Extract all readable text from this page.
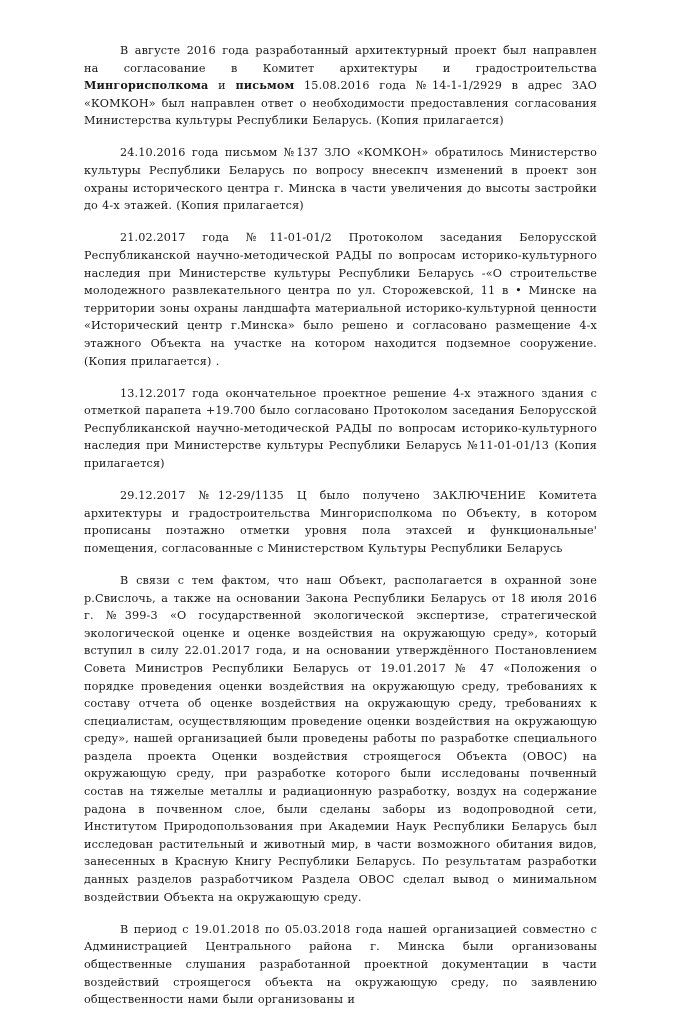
В августе 2016 года разработанный архитектурный проект был направлен на согласование в Комитет архитектуры и градостроительства Мингорисполкома и письмом 15.08.2016 года №14-1-1/2929 в адрес ЗАО «КОМКОН» был направлен ответ о необходимости предоставления согласования Министерства культуры Республики Беларусь. (Копия прилагается)

24.10.2016 года письмом №137 ЗЛО «КОМКОН» обратилось Министерство культуры Республики Беларусь по вопросу внесекпч изменений в проект зон охраны исторического центра г. Минска в части увеличения до высоты застройки до 4-х этажей. (Копия прилагается)

21.02.2017 года №11-01-01/2 Протоколом заседания Белорусской Республиканской научно-методической РАДЫ по вопросам историко-культурного наследия при Министерстве культуры Республики Беларусь -«О строительстве молодежного развлекательного центра по ул. Сторожевской, 11 в • Минске на территории зоны охраны ландшафта материальной историко-культурной ценности «Исторический центр г.Минска» было решено и согласовано размещение 4-х этажного Объекта на участке на котором находится подземное сооружение. (Копия прилагается) .

13.12.2017 года окончательное проектное решение 4-х этажного здания с отметкой парапета +19.700 было согласовано Протоколом заседания Белорусской Республиканской научно-методической РАДЫ по вопросам историко-культурного наследия при Министерстве культуры Республики Беларусь №11-01-01/13 (Копия прилагается)

29.12.2017 №12-29/1135 Ц было получено ЗАКЛЮЧЕНИЕ Комитета архитектуры и градостроительства Мингорисполкома по Объекту, в котором прописаны поэтажно отметки уровня пола этахсей и функциональные' помещения, согласованные с Министерством Культуры Республики Беларусь

В связи с тем фактом, что наш Объект, располагается в охранной зоне р.Свислочь, а также на основании Закона Республики Беларусь от 18 июля 2016 г. №399-3 «О государственной экологической экспертизе, стратегической экологической оценке и оценке воздействия на окружающую среду», который вступил в силу 22.01.2017 года, и на основании утверждённого Постановлением Совета Министров Республики Беларусь от 19.01.2017 № 47 «Положения о порядке проведения оценки воздействия на окружающую среду, требованиях к составу отчета об оценке воздействия на окружающую среду, требованиях к специалистам, осуществляющим проведение оценки воздействия на окружающую среду», нашей организацией были проведены работы по разработке специального раздела проекта Оценки воздействия строящегося Объекта (ОВОС) на окружающую среду, при разработке которого были исследованы почвенный состав на тяжелые металлы и радиационную разработку, воздух на содержание радона в почвенном слое, были сделаны заборы из водопроводной сети, Институтом Природопользования при Академии Наук Республики Беларусь был исследован растительный и животный мир, в части возможного обитания видов, занесенных в Красную Книгу Республики Беларусь. По результатам разработки данных разделов разработчиком Раздела ОВОС сделал вывод о минимальном воздействии Объекта на окружающую среду.

В период с 19.01.2018 по 05.03.2018 года нашей организацией совместно с Администрацией Центрального района г. Минска были организованы общественные слушания разработанной проектной документации в части воздействий строящегося объекта на окружающую среду, по заявлению общественности нами были организованы и
